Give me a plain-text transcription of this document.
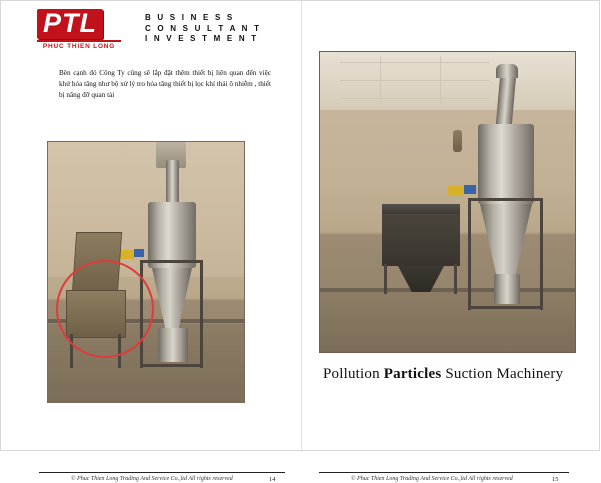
PTL
PHUC THIEN LONG
B U S I N E S S
C O N S U L T A N T
I N V E S T M E N T
Bên cạnh đó Công Ty cũng sẽ lắp đặt thêm thiết bị liên quan đến việc khử hóa tăng như bộ xử lý tro hóa tăng thiết bị lọc khí thải ô nhiễm , thiết bị nâng đỡ quan tài
© Phuc Thien Long Trading And Service Co.,ltd All rights reserved	14
Pollution Particles Suction Machinery
© Phuc Thien Long Trading And Service Co.,ltd All rights reserved	15
